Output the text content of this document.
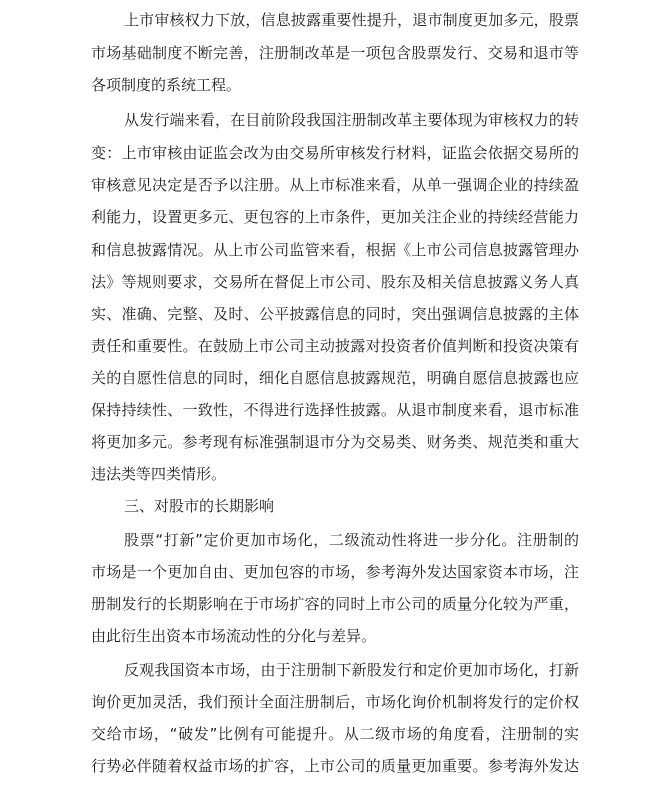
上市审核权力下放，信息披露重要性提升，退市制度更加多元，股票
市场基础制度不断完善，注册制改革是一项包含股票发行、交易和退市等
各项制度的系统工程。
从发行端来看，在目前阶段我国注册制改革主要体现为审核权力的转
变：上市审核由证监会改为由交易所审核发行材料，证监会依据交易所的
审核意见决定是否予以注册。从上市标准来看，从单一强调企业的持续盈
利能力，设置更多元、更包容的上市条件，更加关注企业的持续经营能力
和信息披露情况。从上市公司监管来看，根据《上市公司信息披露管理办
法》等规则要求，交易所在督促上市公司、股东及相关信息披露义务人真
实、准确、完整、及时、公平披露信息的同时，突出强调信息披露的主体
责任和重要性。在鼓励上市公司主动披露对投资者价值判断和投资决策有
关的自愿性信息的同时，细化自愿信息披露规范，明确自愿信息披露也应
保持持续性、一致性，不得进行选择性披露。从退市制度来看，退市标准
将更加多元。参考现有标准强制退市分为交易类、财务类、规范类和重大
违法类等四类情形。
三、对股市的长期影响
股票“打新”定价更加市场化，二级流动性将进一步分化。注册制的
市场是一个更加自由、更加包容的市场，参考海外发达国家资本市场，注
册制发行的长期影响在于市场扩容的同时上市公司的质量分化较为严重，
由此衍生出资本市场流动性的分化与差异。
反观我国资本市场，由于注册制下新股发行和定价更加市场化，打新
询价更加灵活，我们预计全面注册制后，市场化询价机制将发行的定价权
交给市场，“破发”比例有可能提升。从二级市场的角度看，注册制的实
行势必伴随着权益市场的扩容，上市公司的质量更加重要。参考海外发达
